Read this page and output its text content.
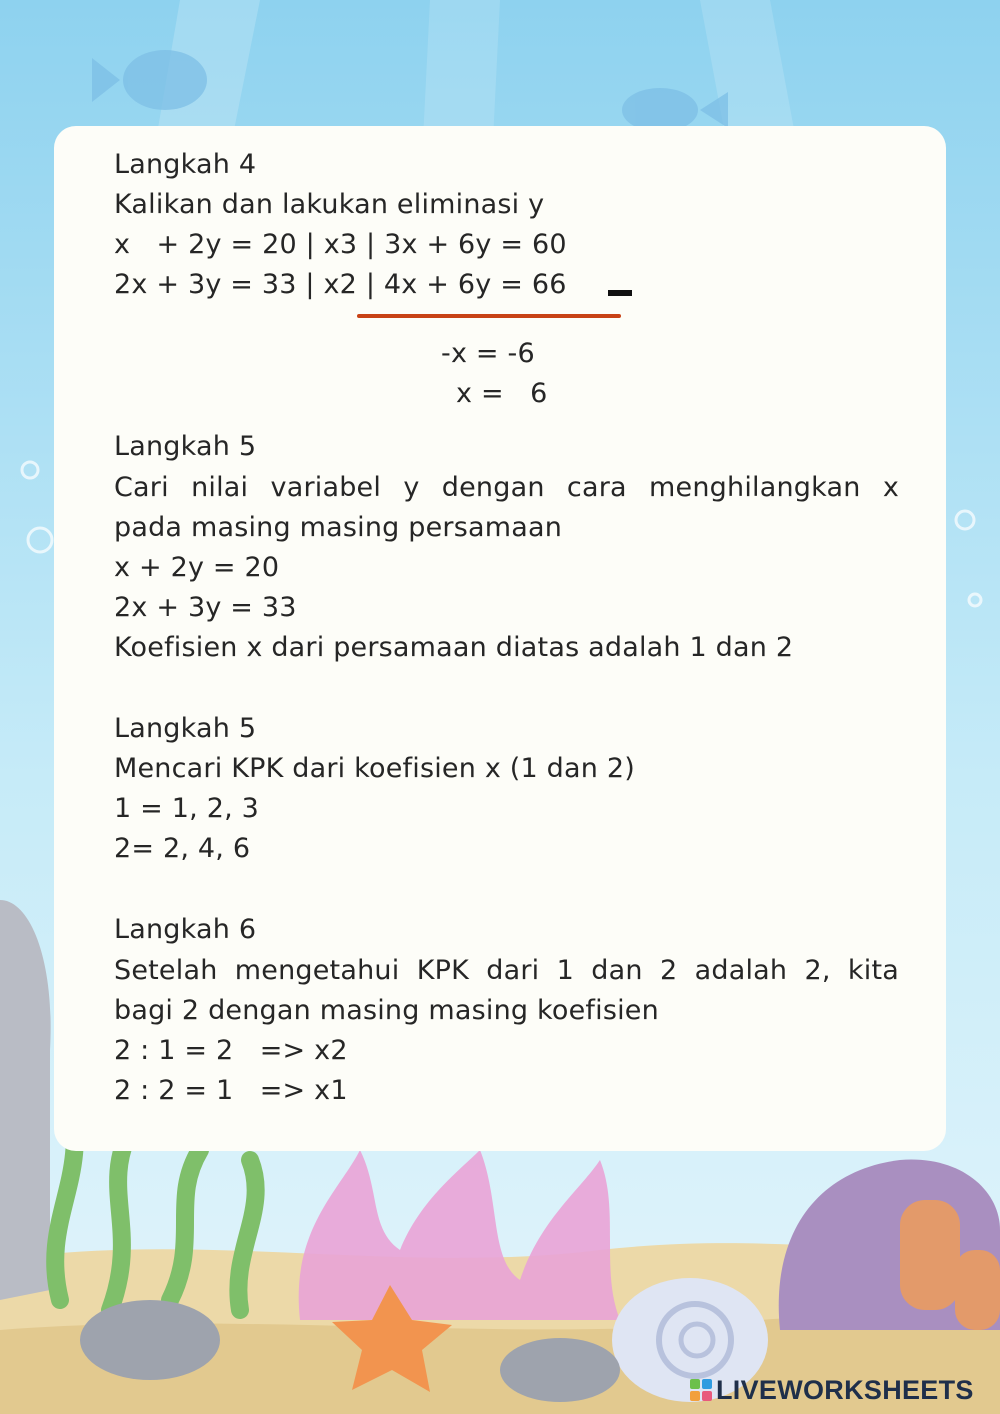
Langkah 4

Kalikan dan lakukan eliminasi y

x   + 2y = 20 | x3 | 3x + 6y = 60

2x + 3y = 33 | x2 | 4x + 6y = 66

-x = -6

x =   6

Langkah 5

Cari nilai variabel y dengan cara menghilangkan x

pada masing masing persamaan

x + 2y = 20

2x + 3y = 33

Koefisien x dari persamaan diatas adalah 1 dan 2

Langkah 5

Mencari KPK dari koefisien x (1 dan 2)

1 = 1, 2, 3

2= 2, 4, 6

Langkah 6

Setelah mengetahui KPK dari 1 dan 2 adalah 2, kita

bagi 2 dengan masing masing koefisien

2 : 1 = 2   => x2

2 : 2 = 1   => x1

LIVEWORKSHEETS
